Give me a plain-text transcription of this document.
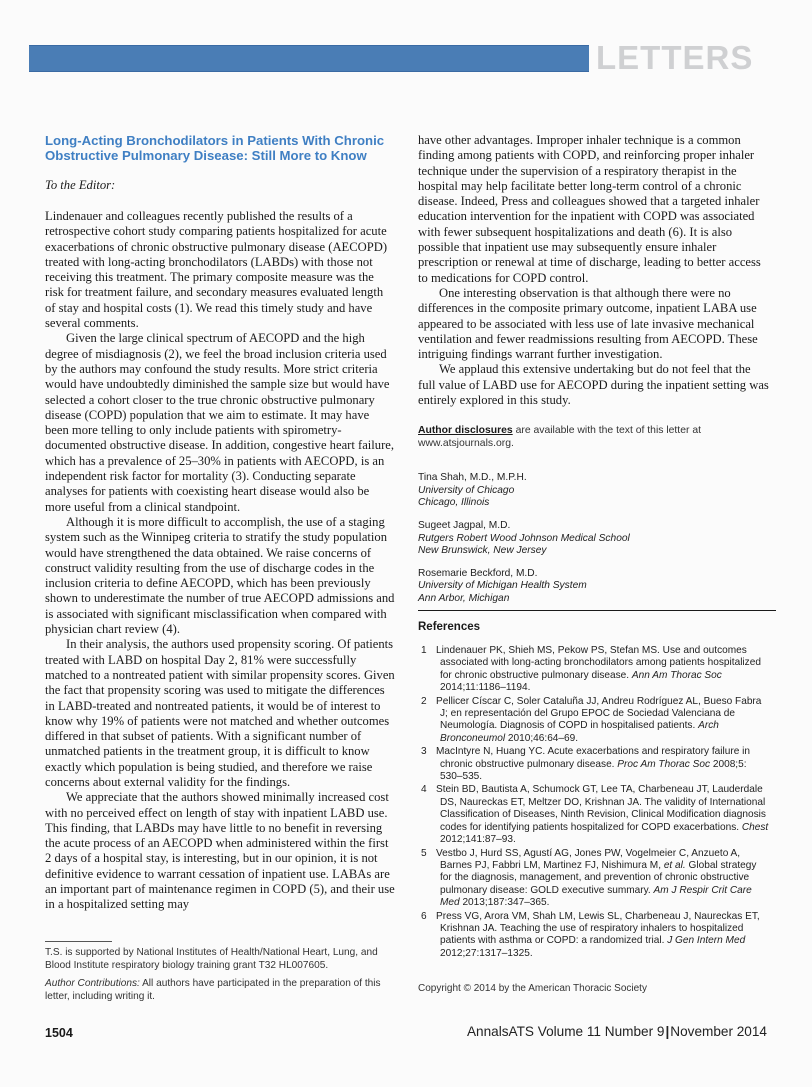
LETTERS
Long-Acting Bronchodilators in Patients With Chronic Obstructive Pulmonary Disease: Still More to Know
To the Editor:

Lindenauer and colleagues recently published the results of a retrospective cohort study comparing patients hospitalized for acute exacerbations of chronic obstructive pulmonary disease (AECOPD) treated with long-acting bronchodilators (LABDs) with those not receiving this treatment. The primary composite measure was the risk for treatment failure, and secondary measures evaluated length of stay and hospital costs (1). We read this timely study and have several comments.

Given the large clinical spectrum of AECOPD and the high degree of misdiagnosis (2), we feel the broad inclusion criteria used by the authors may confound the study results. More strict criteria would have undoubtedly diminished the sample size but would have selected a cohort closer to the true chronic obstructive pulmonary disease (COPD) population that we aim to estimate. It may have been more telling to only include patients with spirometry-documented obstructive disease. In addition, congestive heart failure, which has a prevalence of 25–30% in patients with AECOPD, is an independent risk factor for mortality (3). Conducting separate analyses for patients with coexisting heart disease would also be more useful from a clinical standpoint.

Although it is more difficult to accomplish, the use of a staging system such as the Winnipeg criteria to stratify the study population would have strengthened the data obtained. We raise concerns of construct validity resulting from the use of discharge codes in the inclusion criteria to define AECOPD, which has been previously shown to underestimate the number of true AECOPD admissions and is associated with significant misclassification when compared with physician chart review (4).

In their analysis, the authors used propensity scoring. Of patients treated with LABD on hospital Day 2, 81% were successfully matched to a nontreated patient with similar propensity scores. Given the fact that propensity scoring was used to mitigate the differences in LABD-treated and nontreated patients, it would be of interest to know why 19% of patients were not matched and whether outcomes differed in that subset of patients. With a significant number of unmatched patients in the treatment group, it is difficult to know exactly which population is being studied, and therefore we raise concerns about external validity for the findings.

We appreciate that the authors showed minimally increased cost with no perceived effect on length of stay with inpatient LABD use. This finding, that LABDs may have little to no benefit in reversing the acute process of an AECOPD when administered within the first 2 days of a hospital stay, is interesting, but in our opinion, it is not definitive evidence to warrant cessation of inpatient use. LABAs are an important part of maintenance regimen in COPD (5), and their use in a hospitalized setting may

T.S. is supported by National Institutes of Health/National Heart, Lung, and Blood Institute respiratory biology training grant T32 HL007605.

Author Contributions: All authors have participated in the preparation of this letter, including writing it.

have other advantages. Improper inhaler technique is a common finding among patients with COPD, and reinforcing proper inhaler technique under the supervision of a respiratory therapist in the hospital may help facilitate better long-term control of a chronic disease. Indeed, Press and colleagues showed that a targeted inhaler education intervention for the inpatient with COPD was associated with fewer subsequent hospitalizations and death (6). It is also possible that inpatient use may subsequently ensure inhaler prescription or renewal at time of discharge, leading to better access to medications for COPD control.

One interesting observation is that although there were no differences in the composite primary outcome, inpatient LABA use appeared to be associated with less use of late invasive mechanical ventilation and fewer readmissions resulting from AECOPD. These intriguing findings warrant further investigation.

We applaud this extensive undertaking but do not feel that the full value of LABD use for AECOPD during the inpatient setting was entirely explored in this study.

Author disclosures are available with the text of this letter at www.atsjournals.org.
Tina Shah, M.D., M.P.H.
University of Chicago
Chicago, Illinois
Sugeet Jagpal, M.D.
Rutgers Robert Wood Johnson Medical School
New Brunswick, New Jersey
Rosemarie Beckford, M.D.
University of Michigan Health System
Ann Arbor, Michigan
References

1 Lindenauer PK, Shieh MS, Pekow PS, Stefan MS. Use and outcomes associated with long-acting bronchodilators among patients hospitalized for chronic obstructive pulmonary disease. Ann Am Thorac Soc 2014;11:1186–1194.

2 Pellicer Císcar C, Soler Cataluña JJ, Andreu Rodríguez AL, Bueso Fabra J; en representación del Grupo EPOC de Sociedad Valenciana de Neumología. Diagnosis of COPD in hospitalised patients. Arch Bronconeumol 2010;46:64–69.

3 MacIntyre N, Huang YC. Acute exacerbations and respiratory failure in chronic obstructive pulmonary disease. Proc Am Thorac Soc 2008;5: 530–535.

4 Stein BD, Bautista A, Schumock GT, Lee TA, Charbeneau JT, Lauderdale DS, Naureckas ET, Meltzer DO, Krishnan JA. The validity of International Classification of Diseases, Ninth Revision, Clinical Modification diagnosis codes for identifying patients hospitalized for COPD exacerbations. Chest 2012;141:87–93.

5 Vestbo J, Hurd SS, Agustí AG, Jones PW, Vogelmeier C, Anzueto A, Barnes PJ, Fabbri LM, Martinez FJ, Nishimura M, et al. Global strategy for the diagnosis, management, and prevention of chronic obstructive pulmonary disease: GOLD executive summary. Am J Respir Crit Care Med 2013;187:347–365.

6 Press VG, Arora VM, Shah LM, Lewis SL, Charbeneau J, Naureckas ET, Krishnan JA. Teaching the use of respiratory inhalers to hospitalized patients with asthma or COPD: a randomized trial. J Gen Intern Med 2012;27:1317–1325.

Copyright © 2014 by the American Thoracic Society
1504	AnnalsATS Volume 11 Number 9|November 2014
